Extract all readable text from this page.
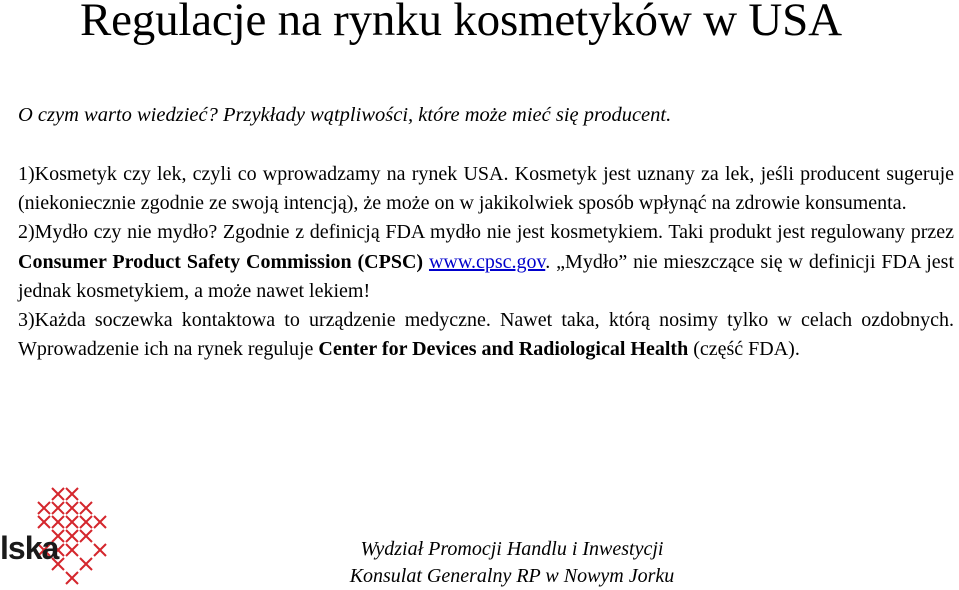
Regulacje na rynku kosmetyków w USA
O czym warto wiedzieć? Przykłady wątpliwości, które może mieć się producent.

1)Kosmetyk czy lek, czyli co wprowadzamy na rynek USA. Kosmetyk jest uznany za lek, jeśli producent sugeruje (niekoniecznie zgodnie ze swoją intencją), że może on w jakikolwiek sposób wpłynąć na zdrowie konsumenta.

2)Mydło czy nie mydło? Zgodnie z definicją FDA mydło nie jest kosmetykiem. Taki produkt jest regulowany przez Consumer Product Safety Commission (CPSC) www.cpsc.gov. „Mydło” nie mieszczące się w definicji FDA jest jednak kosmetykiem, a może nawet lekiem!

3)Każda soczewka kontaktowa to urządzenie medyczne. Nawet taka, którą nosimy tylko w celach ozdobnych. Wprowadzenie ich na rynek reguluje Center for Devices and Radiological Health (część FDA).

lska	Wydział Promocji Handlu i Inwestycji
Konsulat Generalny RP w Nowym Jorku
